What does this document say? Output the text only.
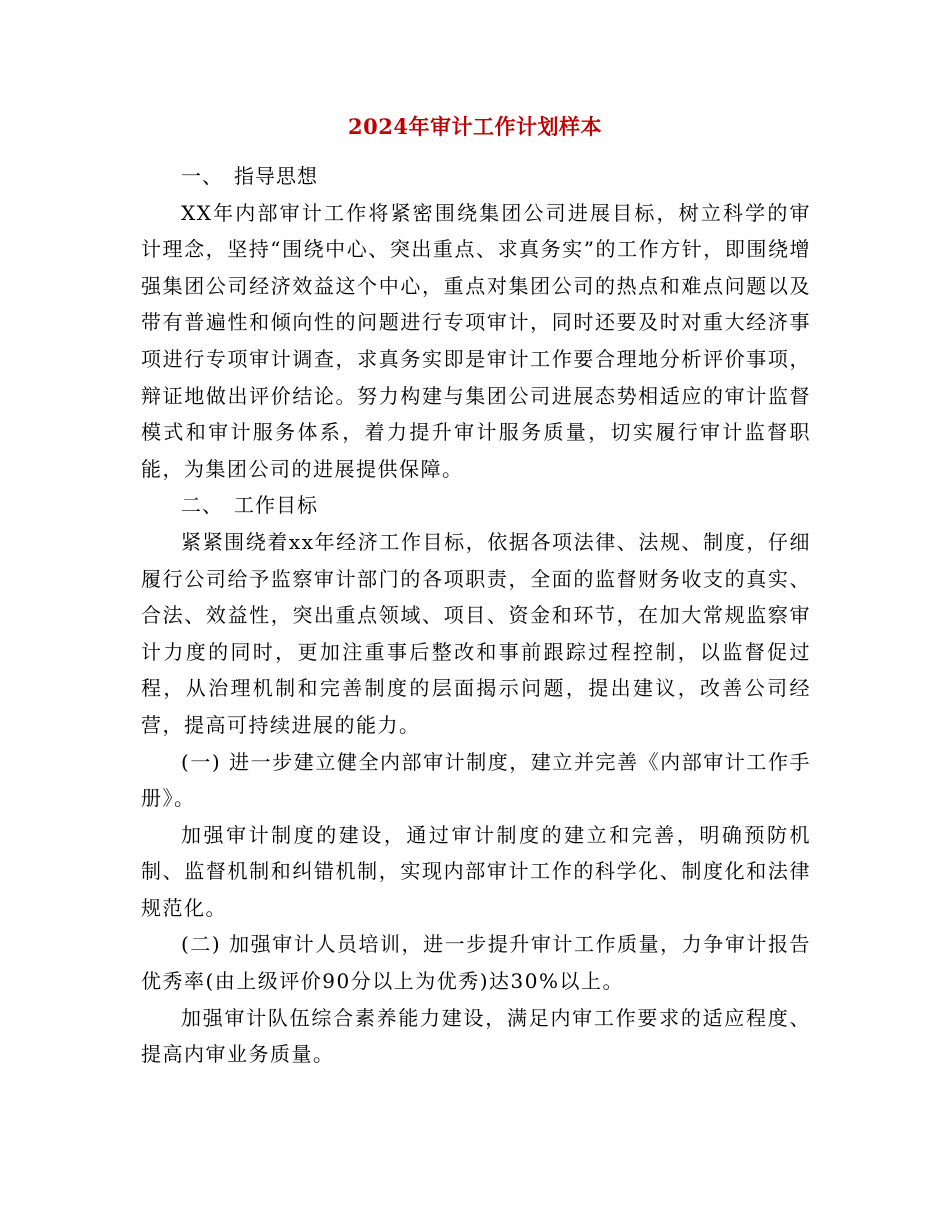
2024年审计工作计划样本

一、　指导思想

XX年内部审计工作将紧密围绕集团公司进展目标，树立科学的审计理念，坚持“围绕中心、突出重点、求真务实”的工作方针，即围绕增强集团公司经济效益这个中心，重点对集团公司的热点和难点问题以及带有普遍性和倾向性的问题进行专项审计，同时还要及时对重大经济事项进行专项审计调查，求真务实即是审计工作要合理地分析评价事项，辩证地做出评价结论。努力构建与集团公司进展态势相适应的审计监督模式和审计服务体系，着力提升审计服务质量，切实履行审计监督职能，为集团公司的进展提供保障。

二、　工作目标

紧紧围绕着xx年经济工作目标，依据各项法律、法规、制度，仔细履行公司给予监察审计部门的各项职责，全面的监督财务收支的真实、合法、效益性，突出重点领域、项目、资金和环节，在加大常规监察审计力度的同时，更加注重事后整改和事前跟踪过程控制，以监督促过程，从治理机制和完善制度的层面揭示问题，提出建议，改善公司经营，提高可持续进展的能力。

(一) 进一步建立健全内部审计制度，建立并完善《内部审计工作手册》。

加强审计制度的建设，通过审计制度的建立和完善，明确预防机制、监督机制和纠错机制，实现内部审计工作的科学化、制度化和法律规范化。

(二) 加强审计人员培训，进一步提升审计工作质量，力争审计报告优秀率(由上级评价90分以上为优秀)达30%以上。

加强审计队伍综合素养能力建设，满足内审工作要求的适应程度、提高内审业务质量。
